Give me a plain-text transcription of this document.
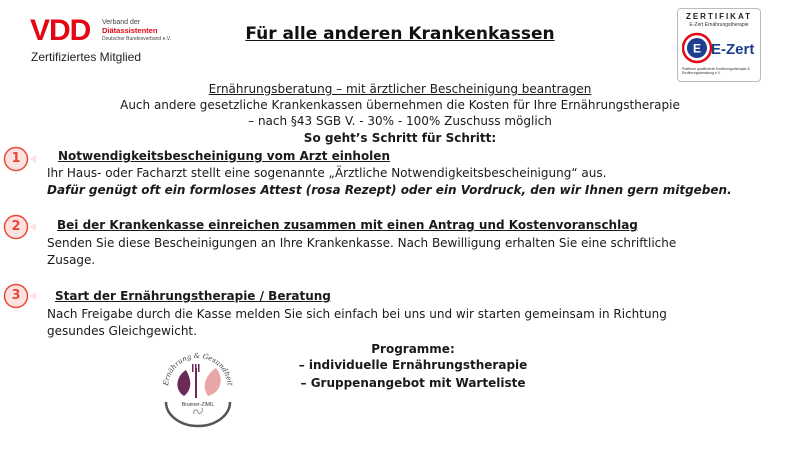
VDD Verband der
Diätassistenten
Deutscher Bundesverband e.V.
Zertifiziertes Mitglied
Für alle anderen Krankenkassen
ZERTIFIKAT
E-Zert Ernährungstherapie
E E-Zert
Plattform qualifizierte Ernährungstherapie & Ernährungsberatung e.V.
Ernährungsberatung – mit ärztlicher Bescheinigung beantragen
Auch andere gesetzliche Krankenkassen übernehmen die Kosten für Ihre Ernährungstherapie
– nach §43 SGB V. - 30% - 100% Zuschuss möglich
So geht’s Schritt für Schritt:
1	Notwendigkeitsbescheinigung vom Arzt einholen
Ihr Haus- oder Facharzt stellt eine sogenannte „Ärztliche Notwendigkeitsbescheinigung“ aus.
Dafür genügt oft ein formloses Attest (rosa Rezept) oder ein Vordruck, den wir Ihnen gern mitgeben.
2	Bei der Krankenkasse einreichen zusammen mit einen Antrag und Kostenvoranschlag
Senden Sie diese Bescheinigungen an Ihre Krankenkasse. Nach Bewilligung erhalten Sie eine schriftliche
Zusage.
3	Start der Ernährungstherapie / Beratung
Nach Freigabe durch die Kasse melden Sie sich einfach bei uns und wir starten gemeinsam in Richtung
gesundes Gleichgewicht.
Ernährung & Gesundheit
Brunner-ZIMIL
Programme:
– individuelle Ernährungstherapie
– Gruppenangebot mit Warteliste
